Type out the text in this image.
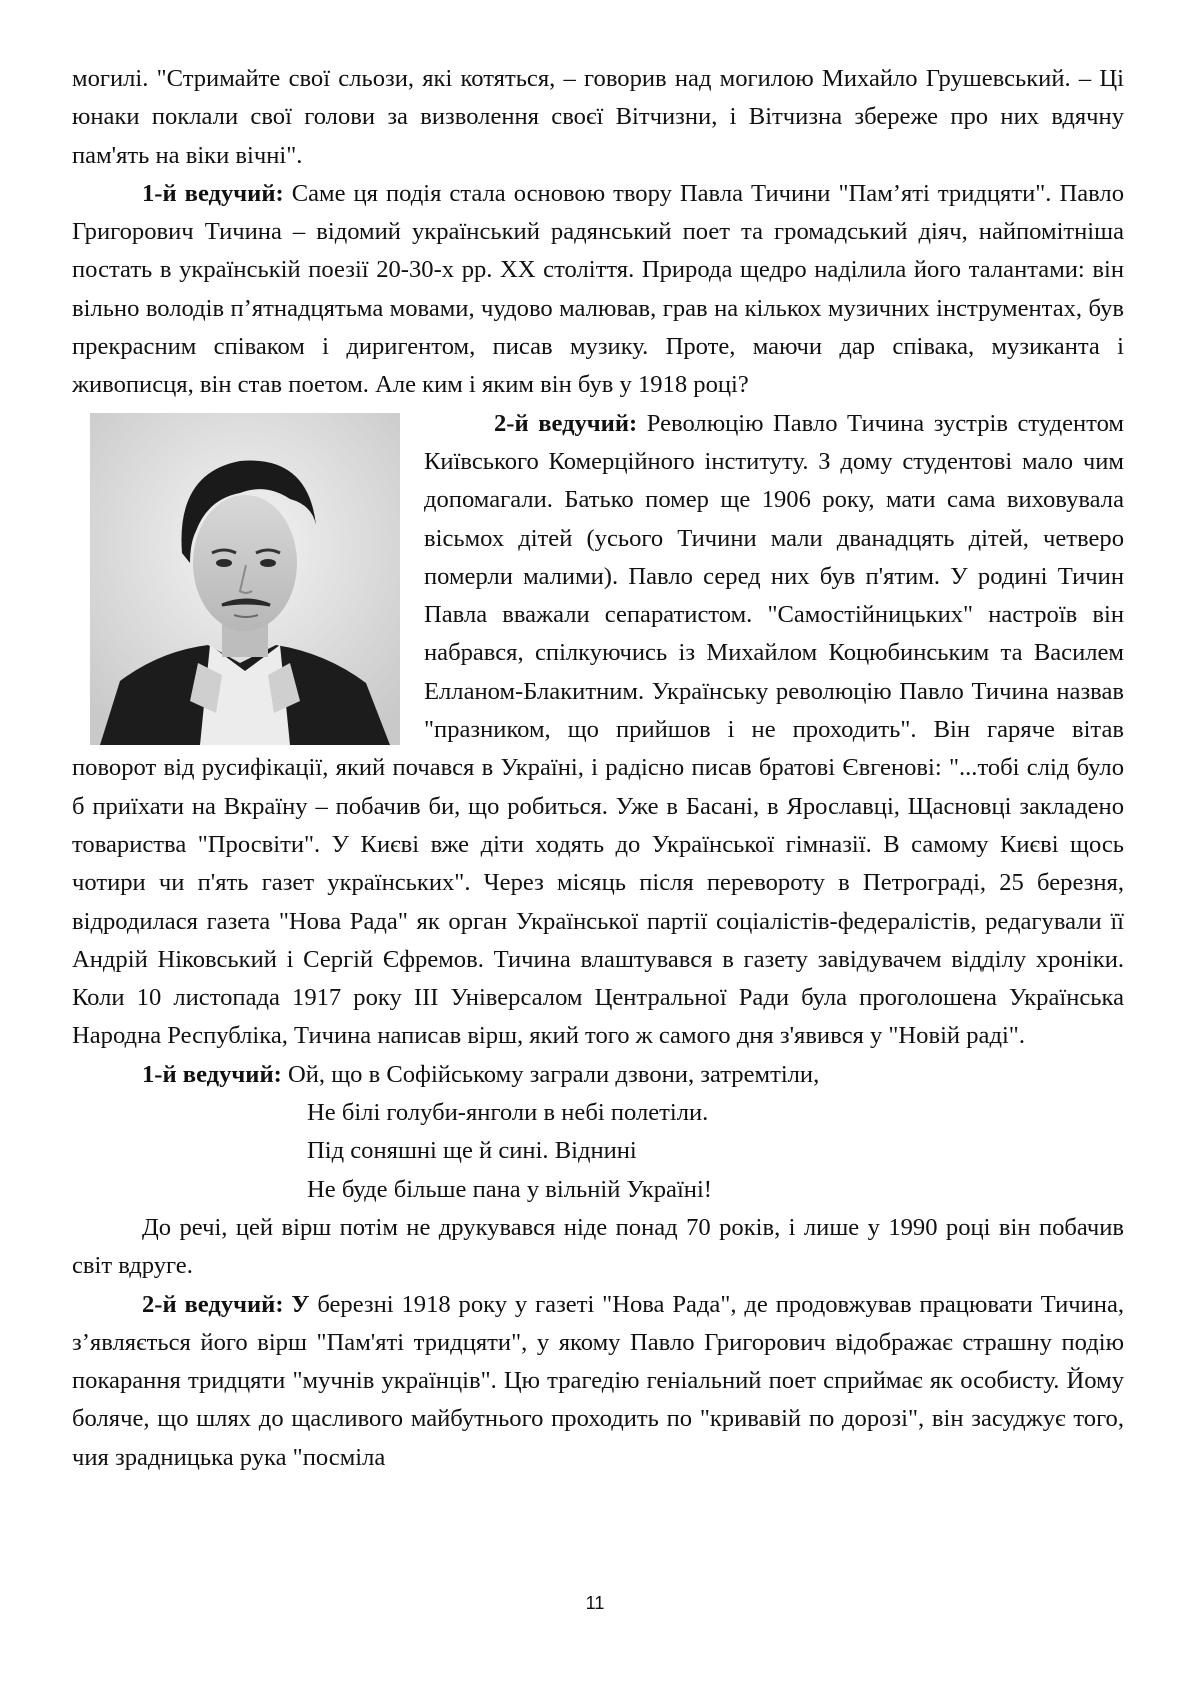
могилі. "Стримайте свої сльози, які котяться, – говорив над могилою Михайло Грушевський. – Ці юнаки поклали свої голови за визволення своєї Вітчизни, і Вітчизна збереже про них вдячну пам'ять на віки вічні".

1-й ведучий: Саме ця подія стала основою твору Павла Тичини "Пам’яті тридцяти". Павло Григорович Тичина – відомий український радянський поет та громадський діяч, найпомітніша постать в українській поезії 20-30-х рр. ХХ століття. Природа щедро наділила його талантами: він вільно володів п’ятнадцятьма мовами, чудово малював, грав на кількох музичних інструментах, був прекрасним співаком і диригентом, писав музику. Проте, маючи дар співака, музиканта і живописця, він став поетом. Але ким і яким він був у 1918 році?

2-й ведучий: Революцію Павло Тичина зустрів студентом Київського Комерційного інституту. З дому студентові мало чим допомагали. Батько помер ще 1906 року, мати сама виховувала вісьмох дітей (усього Тичини мали дванадцять дітей, четверо померли малими). Павло серед них був п'ятим. У родині Тичин Павла вважали сепаратистом. "Самостійницьких" настроїв він набрався, спілкуючись із Михайлом Коцюбинським та Василем Елланом-Блакитним. Українську революцію Павло Тичина назвав "празником, що прийшов і не проходить". Він гаряче вітав поворот від русифікації, який почався в Україні, і радісно писав братові Євгенові: "...тобі слід було б приїхати на Вкраїну – побачив би, що робиться. Уже в Басані, в Ярославці, Щасновці закладено товариства "Просвіти". У Києві вже діти ходять до Української гімназії. В самому Києві щось чотири чи п'ять газет українських". Через місяць після перевороту в Петрограді, 25 березня, відродилася газета "Нова Рада" як орган Української партії соціалістів-федералістів, редагували її Андрій Ніковський і Сергій Єфремов. Тичина влаштувався в газету завідувачем відділу хроніки. Коли 10 листопада 1917 року III Універсалом Центральної Ради була проголошена Українська Народна Республіка, Тичина написав вірш, який того ж самого дня з'явився у "Новій раді".

1-й ведучий: Ой, що в Софійському заграли дзвони, затремтіли,

Не білі голуби-янголи в небі полетіли.
Під соняшні ще й сині. Віднині
Не буде більше пана у вільній Україні!

До речі, цей вірш потім не друкувався ніде понад 70 років, і лише у 1990 році він побачив світ вдруге.

2-й ведучий: У березні 1918 року у газеті "Нова Рада", де продовжував працювати Тичина, з’являється його вірш "Пам'яті тридцяти", у якому Павло Григорович відображає страшну подію покарання тридцяти "мучнів українців". Цю трагедію геніальний поет сприймає як особисту. Йому боляче, що шлях до щасливого майбутнього проходить по "кривавій по дорозі", він засуджує того, чия зрадницька рука "посміла

11
